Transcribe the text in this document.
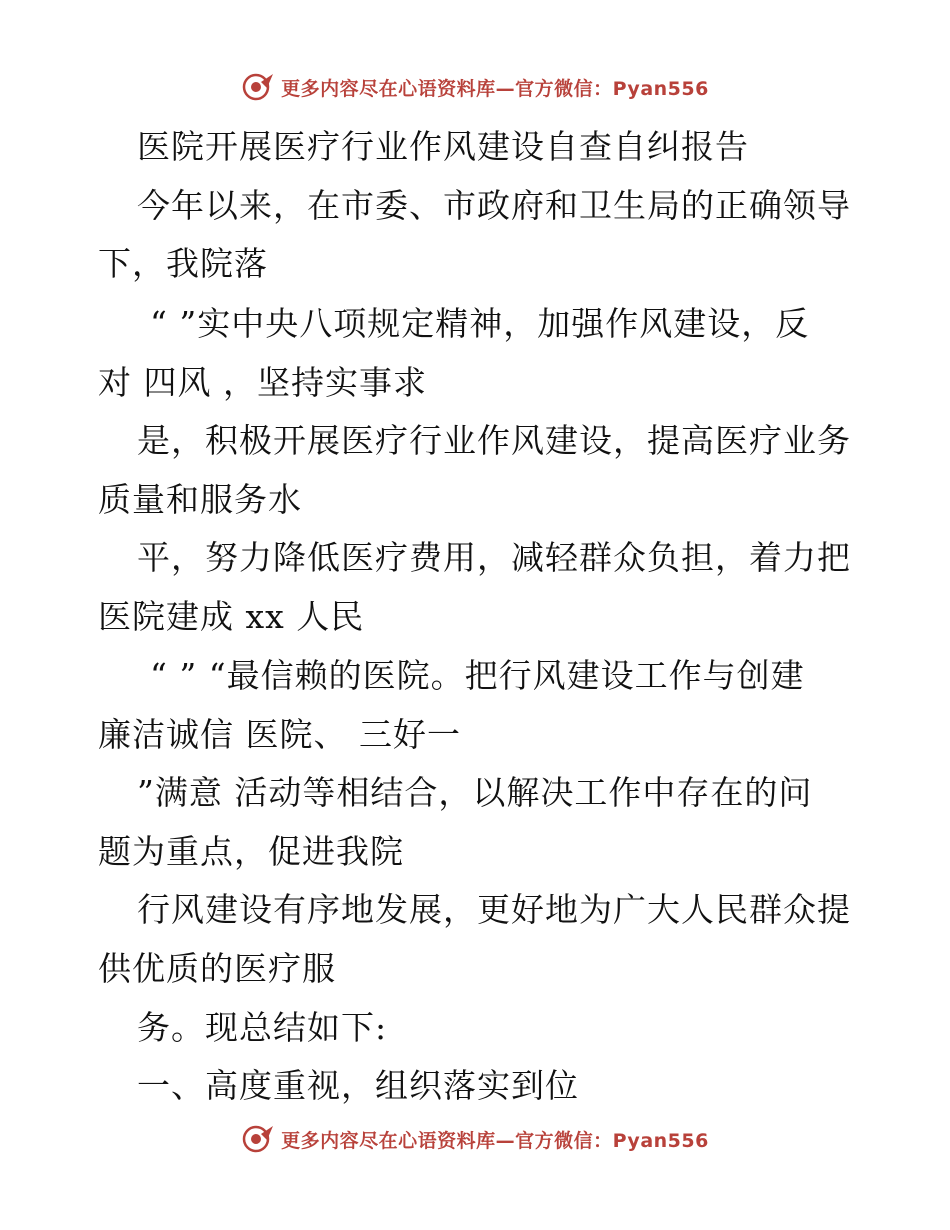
更多内容尽在心语资料库—官方微信：Pyan556
医院开展医疗行业作风建设自查自纠报告
今年以来，在市委、市政府和卫生局的正确领导
下，我院落
“ ”实中央八项规定精神，加强作风建设，反
对 四风 ，坚持实事求
是，积极开展医疗行业作风建设，提高医疗业务
质量和服务水
平，努力降低医疗费用，减轻群众负担，着力把
医院建成 xx 人民
“ ” “最信赖的医院。把行风建设工作与创建
廉洁诚信 医院、 三好一
”满意 活动等相结合，以解决工作中存在的问
题为重点，促进我院
行风建设有序地发展，更好地为广大人民群众提
供优质的医疗服
务。现总结如下:
一、高度重视，组织落实到位
更多内容尽在心语资料库—官方微信：Pyan556
